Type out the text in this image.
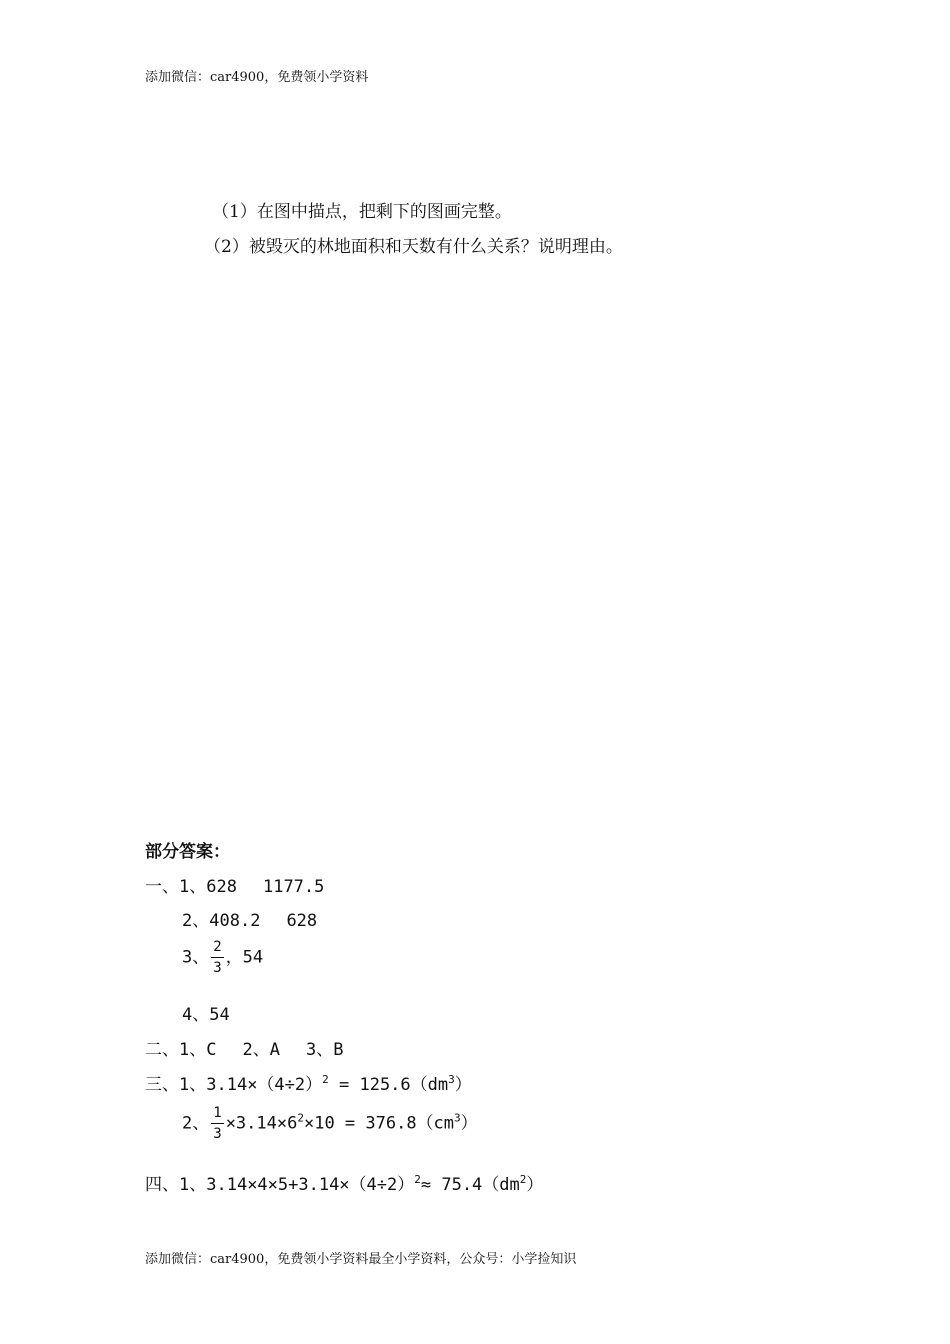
添加微信：car4900，免费领小学资料
（1）在图中描点，把剩下的图画完整。
（2）被毁灭的林地面积和天数有什么关系？说明理由。
部分答案：
一、1、628 1177.5
2、408.2 628
3、 $\frac{2}{3}$ ，54
4、54
二、1、C 2、A 3、B
三、1、$3.14\times(4\div 2)^2 = 125.6(dm^3)$
2、 $\frac{1}{3} \times 3.14\times 6^2\times 10 = 376.8(cm^3)$
四、1、$3.14\times 4\times 5+3.14\times(4\div 2)^2\approx 75.4(dm^2)$
添加微信：car4900，免费领小学资料最全小学资料，公众号：小学捡知识
